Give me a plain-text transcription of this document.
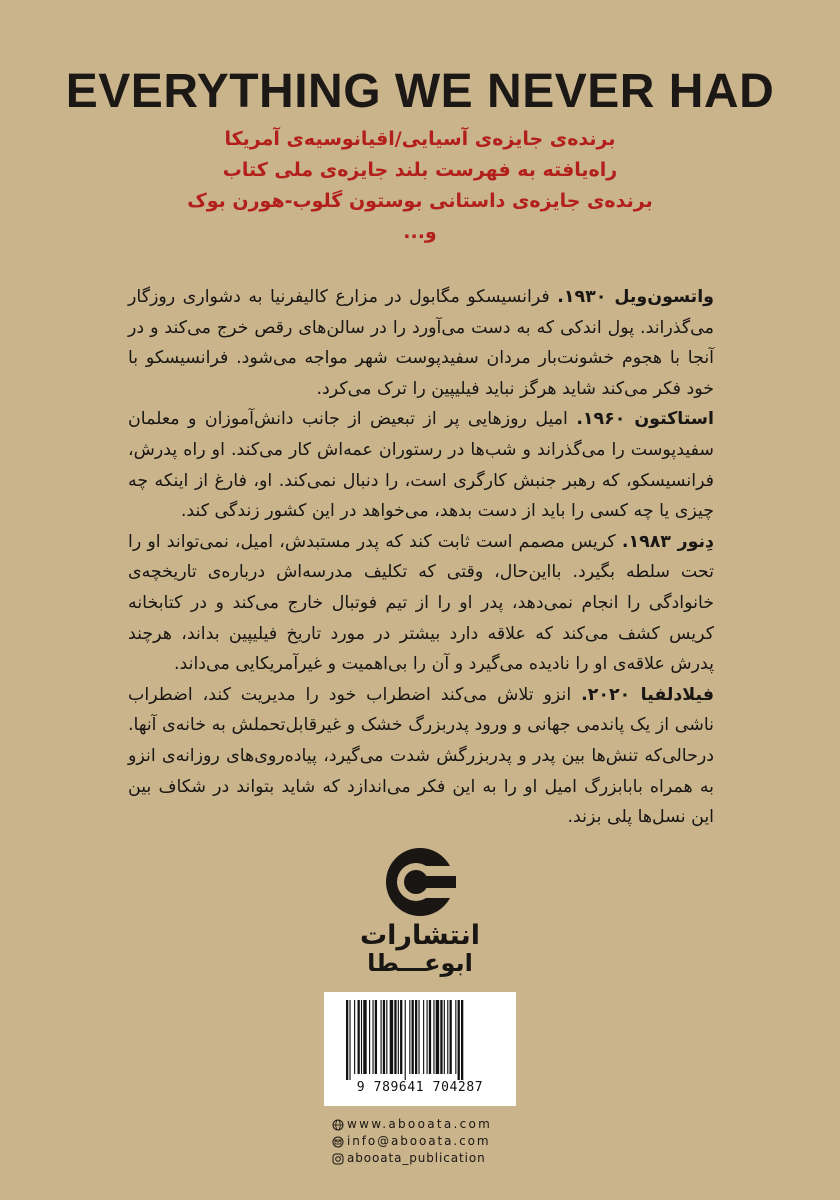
EVERYTHING WE NEVER HAD
برنده‌ی جایزه‌ی آسیایی/اقیانوسیه‌ی آمریکا
راه‌یافته به فهرست بلند جایزه‌ی ملی کتاب
برنده‌ی جایزه‌ی داستانی بوستون گلوب-هورن بوک
و...

واتسون‌ویل ۱۹۳۰. فرانسیسکو مگابول در مزارع کالیفرنیا به دشواری روزگار می‌گذراند. پول اندکی که به دست می‌آورد را در سالن‌های رقص خرج می‌کند و در آنجا با هجوم خشونت‌بار مردان سفیدپوست شهر مواجه می‌شود. فرانسیسکو با خود فکر می‌کند شاید هرگز نباید فیلیپین را ترک می‌کرد.

استاکتون ۱۹۶۰. امیل روزهایی پر از تبعیض از جانب دانش‌آموزان و معلمان سفیدپوست را می‌گذراند و شب‌ها در رستوران عمه‌اش کار می‌کند. او راه پدرش، فرانسیسکو، که رهبر جنبش کارگری است، را دنبال نمی‌کند. او، فارغ از اینکه چه چیزی یا چه کسی را باید از دست بدهد، می‌خواهد در این کشور زندگی کند.

دِنور ۱۹۸۳. کریس مصمم است ثابت کند که پدر مستبدش، امیل، نمی‌تواند او را تحت سلطه بگیرد. بااین‌حال، وقتی که تکلیف مدرسه‌اش درباره‌ی تاریخچه‌ی خانوادگی را انجام نمی‌دهد، پدر او را از تیم فوتبال خارج می‌کند و در کتابخانه کریس کشف می‌کند که علاقه دارد بیشتر در مورد تاریخ فیلیپین بداند، هرچند پدرش علاقه‌ی او را نادیده می‌گیرد و آن را بی‌اهمیت و غیرآمریکایی می‌داند.

فیلادلفیا ۲۰۲۰. انزو تلاش می‌کند اضطراب خود را مدیریت کند، اضطراب ناشی از یک پاندمی جهانی و ورود پدربزرگ خشک و غیرقابل‌تحملش به خانه‌ی آنها. درحالی‌که تنش‌ها بین پدر و پدربزرگش شدت می‌گیرد، پیاده‌روی‌های روزانه‌ی انزو به همراه بابابزرگ امیل او را به این فکر می‌اندازد که شاید بتواند در شکاف بین این نسل‌ها پلی بزند.

انتشارات
ابوعـــطا
9 789641 704287
www.abooata.com
info@abooata.com
abooata_publication
